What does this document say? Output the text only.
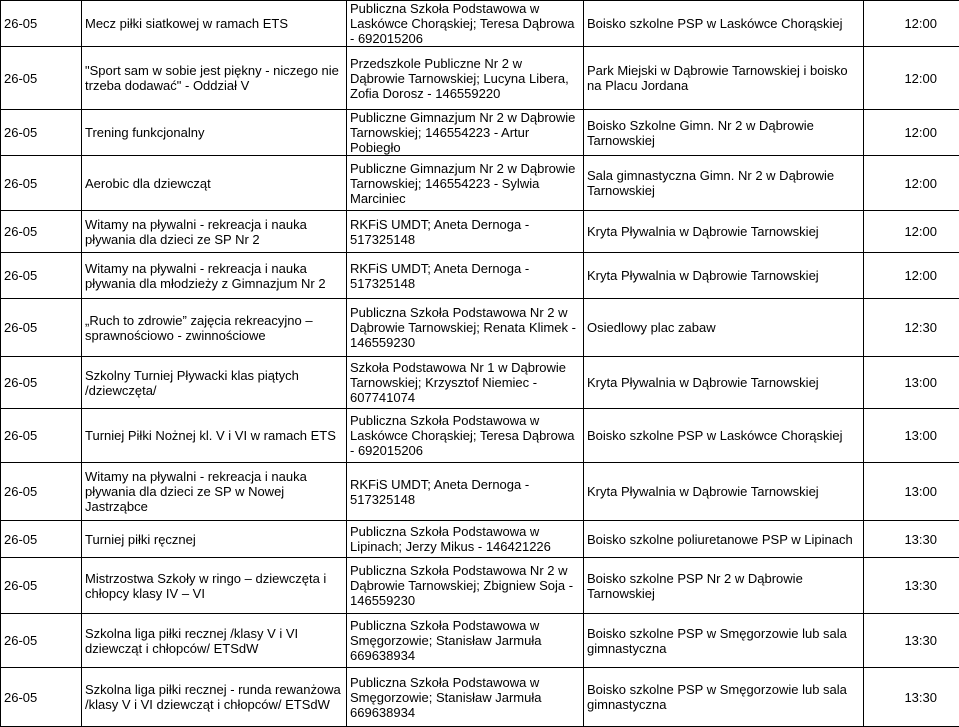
26-05	Mecz piłki siatkowej w ramach ETS	Publiczna Szkoła Podstawowa w Laskówce Chorąskiej; Teresa Dąbrowa - 692015206	Boisko szkolne PSP w Laskówce Chorąskiej	12:00
26-05	"Sport sam w sobie jest piękny - niczego nie trzeba dodawać" - Oddział V	Przedszkole Publiczne Nr 2 w Dąbrowie Tarnowskiej; Lucyna Libera, Zofia Dorosz - 146559220	Park Miejski w Dąbrowie Tarnowskiej i boisko na Placu Jordana	12:00
26-05	Trening funkcjonalny	Publiczne Gimnazjum Nr 2 w Dąbrowie Tarnowskiej; 146554223 - Artur Pobiegło	Boisko Szkolne Gimn. Nr 2 w Dąbrowie Tarnowskiej	12:00
26-05	Aerobic dla dziewcząt	Publiczne Gimnazjum Nr 2 w Dąbrowie Tarnowskiej; 146554223 - Sylwia Marciniec	Sala gimnastyczna Gimn. Nr 2 w Dąbrowie Tarnowskiej	12:00
26-05	Witamy na pływalni - rekreacja i nauka pływania dla dzieci ze SP Nr 2	RKFiS UMDT; Aneta Dernoga - 517325148	Kryta Pływalnia w Dąbrowie Tarnowskiej	12:00
26-05	Witamy na pływalni - rekreacja i nauka pływania dla młodzieży z Gimnazjum Nr 2	RKFiS UMDT; Aneta Dernoga - 517325148	Kryta Pływalnia w Dąbrowie Tarnowskiej	12:00
26-05	„Ruch to zdrowie” zajęcia rekreacyjno – sprawnościowo - zwinnościowe	Publiczna Szkoła Podstawowa Nr 2 w Dąbrowie Tarnowskiej; Renata Klimek - 146559230	Osiedlowy plac zabaw	12:30
26-05	Szkolny Turniej Pływacki klas piątych /dziewczęta/	Szkoła Podstawowa Nr 1 w Dąbrowie Tarnowskiej; Krzysztof Niemiec - 607741074	Kryta Pływalnia w Dąbrowie Tarnowskiej	13:00
26-05	Turniej Piłki Nożnej kl. V i VI w ramach ETS	Publiczna Szkoła Podstawowa w Laskówce Chorąskiej; Teresa Dąbrowa - 692015206	Boisko szkolne PSP w Laskówce Chorąskiej	13:00
26-05	Witamy na pływalni - rekreacja i nauka pływania dla dzieci ze SP w Nowej Jastrząbce	RKFiS UMDT; Aneta Dernoga - 517325148	Kryta Pływalnia w Dąbrowie Tarnowskiej	13:00
26-05	Turniej piłki ręcznej	Publiczna Szkoła Podstawowa w Lipinach; Jerzy Mikus - 146421226	Boisko szkolne poliuretanowe PSP w Lipinach	13:30
26-05	Mistrzostwa Szkoły w ringo – dziewczęta i chłopcy klasy IV – VI	Publiczna Szkoła Podstawowa Nr 2 w Dąbrowie Tarnowskiej; Zbigniew Soja - 146559230	Boisko szkolne PSP Nr 2 w Dąbrowie Tarnowskiej	13:30
26-05	Szkolna liga piłki recznej /klasy V i VI dziewcząt i chłopców/ ETSdW	Publiczna Szkoła Podstawowa w Smęgorzowie; Stanisław Jarmuła 669638934	Boisko szkolne PSP w Smęgorzowie lub sala gimnastyczna	13:30
26-05	Szkolna liga piłki recznej - runda rewanżowa /klasy V i VI dziewcząt i chłopców/ ETSdW	Publiczna Szkoła Podstawowa w Smęgorzowie; Stanisław Jarmuła 669638934	Boisko szkolne PSP w Smęgorzowie lub sala gimnastyczna	13:30
